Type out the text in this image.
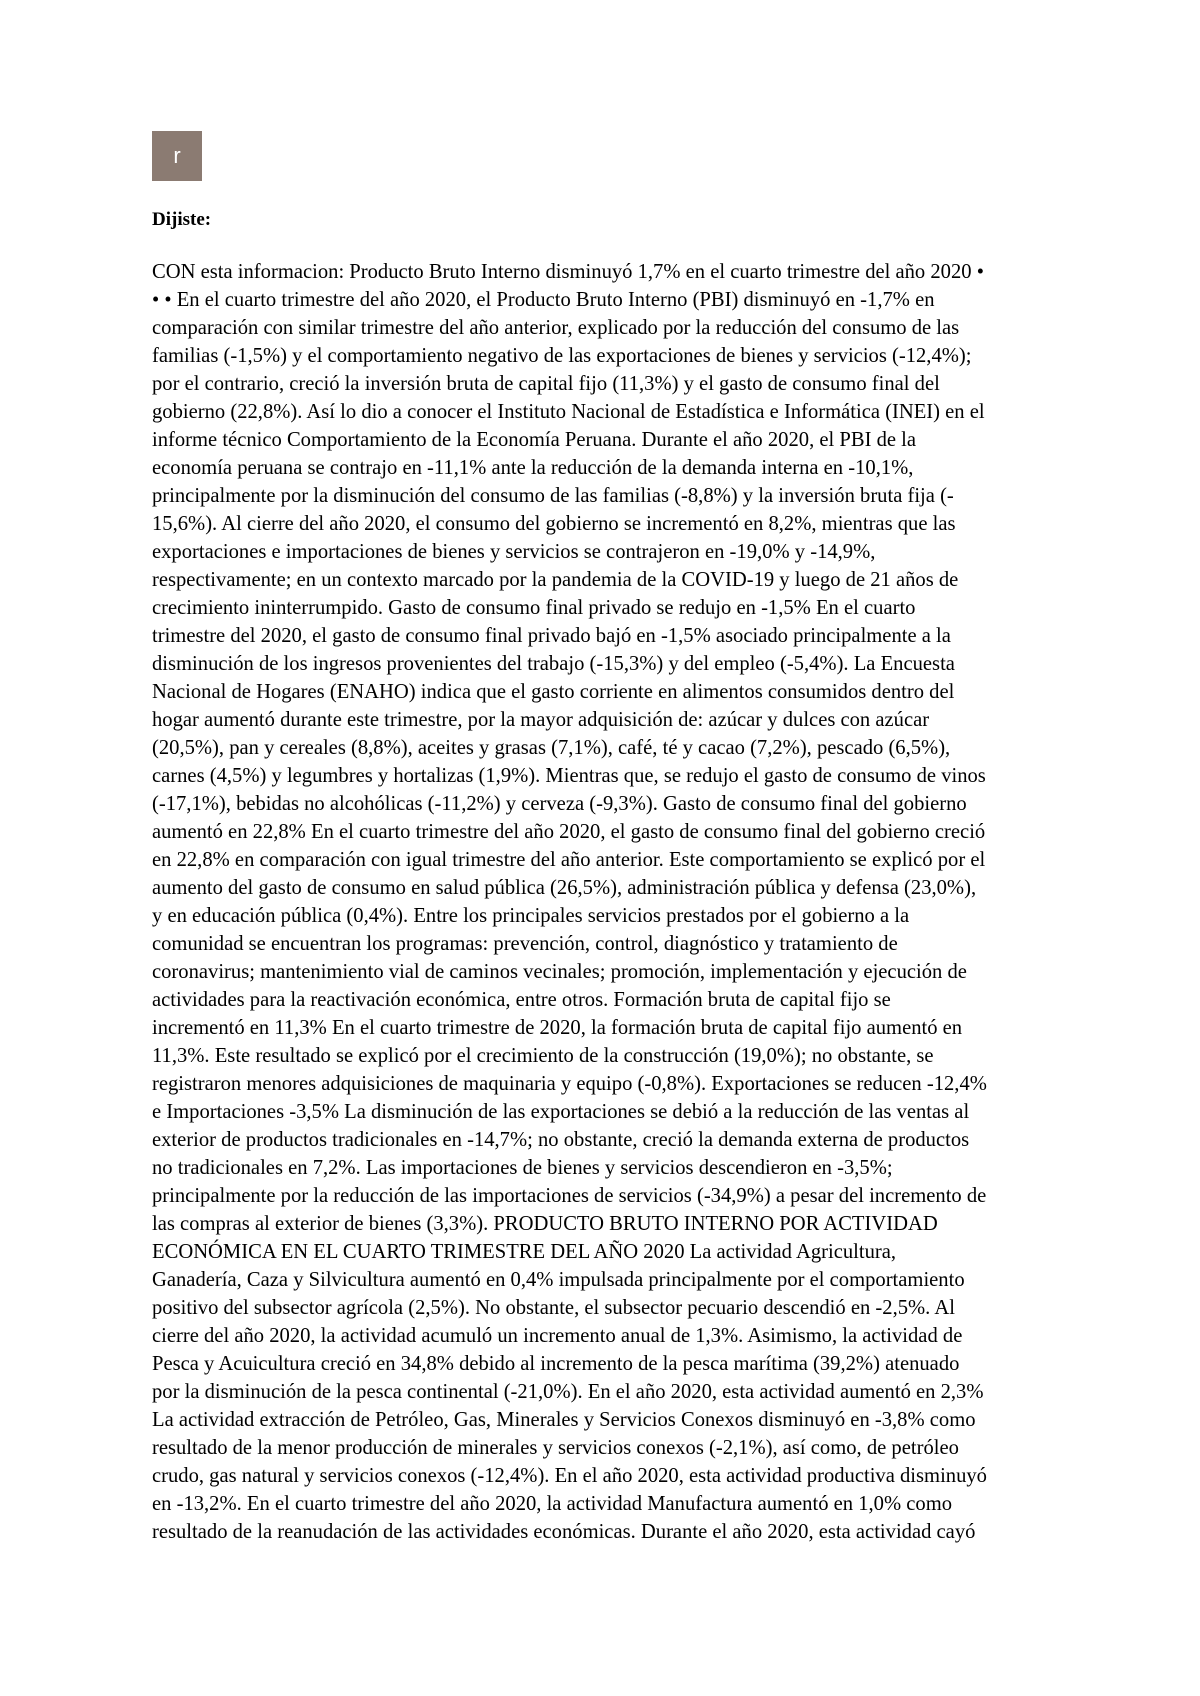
r
Dijiste:
CON esta informacion: Producto Bruto Interno disminuyó 1,7% en el cuarto trimestre del año 2020 •
• • En el cuarto trimestre del año 2020, el Producto Bruto Interno (PBI) disminuyó en -1,7% en
comparación con similar trimestre del año anterior, explicado por la reducción del consumo de las
familias (-1,5%) y el comportamiento negativo de las exportaciones de bienes y servicios (-12,4%);
por el contrario, creció la inversión bruta de capital fijo (11,3%) y el gasto de consumo final del
gobierno (22,8%). Así lo dio a conocer el Instituto Nacional de Estadística e Informática (INEI) en el
informe técnico Comportamiento de la Economía Peruana. Durante el año 2020, el PBI de la
economía peruana se contrajo en -11,1% ante la reducción de la demanda interna en -10,1%,
principalmente por la disminución del consumo de las familias (-8,8%) y la inversión bruta fija (-
15,6%). Al cierre del año 2020, el consumo del gobierno se incrementó en 8,2%, mientras que las
exportaciones e importaciones de bienes y servicios se contrajeron en -19,0% y -14,9%,
respectivamente; en un contexto marcado por la pandemia de la COVID-19 y luego de 21 años de
crecimiento ininterrumpido. Gasto de consumo final privado se redujo en -1,5% En el cuarto
trimestre del 2020, el gasto de consumo final privado bajó en -1,5% asociado principalmente a la
disminución de los ingresos provenientes del trabajo (-15,3%) y del empleo (-5,4%). La Encuesta
Nacional de Hogares (ENAHO) indica que el gasto corriente en alimentos consumidos dentro del
hogar aumentó durante este trimestre, por la mayor adquisición de: azúcar y dulces con azúcar
(20,5%), pan y cereales (8,8%), aceites y grasas (7,1%), café, té y cacao (7,2%), pescado (6,5%),
carnes (4,5%) y legumbres y hortalizas (1,9%). Mientras que, se redujo el gasto de consumo de vinos
(-17,1%), bebidas no alcohólicas (-11,2%) y cerveza (-9,3%). Gasto de consumo final del gobierno
aumentó en 22,8% En el cuarto trimestre del año 2020, el gasto de consumo final del gobierno creció
en 22,8% en comparación con igual trimestre del año anterior. Este comportamiento se explicó por el
aumento del gasto de consumo en salud pública (26,5%), administración pública y defensa (23,0%),
y en educación pública (0,4%). Entre los principales servicios prestados por el gobierno a la
comunidad se encuentran los programas: prevención, control, diagnóstico y tratamiento de
coronavirus; mantenimiento vial de caminos vecinales; promoción, implementación y ejecución de
actividades para la reactivación económica, entre otros. Formación bruta de capital fijo se
incrementó en 11,3% En el cuarto trimestre de 2020, la formación bruta de capital fijo aumentó en
11,3%. Este resultado se explicó por el crecimiento de la construcción (19,0%); no obstante, se
registraron menores adquisiciones de maquinaria y equipo (-0,8%). Exportaciones se reducen -12,4%
e Importaciones -3,5% La disminución de las exportaciones se debió a la reducción de las ventas al
exterior de productos tradicionales en -14,7%; no obstante, creció la demanda externa de productos
no tradicionales en 7,2%. Las importaciones de bienes y servicios descendieron en -3,5%;
principalmente por la reducción de las importaciones de servicios (-34,9%) a pesar del incremento de
las compras al exterior de bienes (3,3%). PRODUCTO BRUTO INTERNO POR ACTIVIDAD
ECONÓMICA EN EL CUARTO TRIMESTRE DEL AÑO 2020 La actividad Agricultura,
Ganadería, Caza y Silvicultura aumentó en 0,4% impulsada principalmente por el comportamiento
positivo del subsector agrícola (2,5%). No obstante, el subsector pecuario descendió en -2,5%. Al
cierre del año 2020, la actividad acumuló un incremento anual de 1,3%. Asimismo, la actividad de
Pesca y Acuicultura creció en 34,8% debido al incremento de la pesca marítima (39,2%) atenuado
por la disminución de la pesca continental (-21,0%). En el año 2020, esta actividad aumentó en 2,3%
La actividad extracción de Petróleo, Gas, Minerales y Servicios Conexos disminuyó en -3,8% como
resultado de la menor producción de minerales y servicios conexos (-2,1%), así como, de petróleo
crudo, gas natural y servicios conexos (-12,4%). En el año 2020, esta actividad productiva disminuyó
en -13,2%. En el cuarto trimestre del año 2020, la actividad Manufactura aumentó en 1,0% como
resultado de la reanudación de las actividades económicas. Durante el año 2020, esta actividad cayó
